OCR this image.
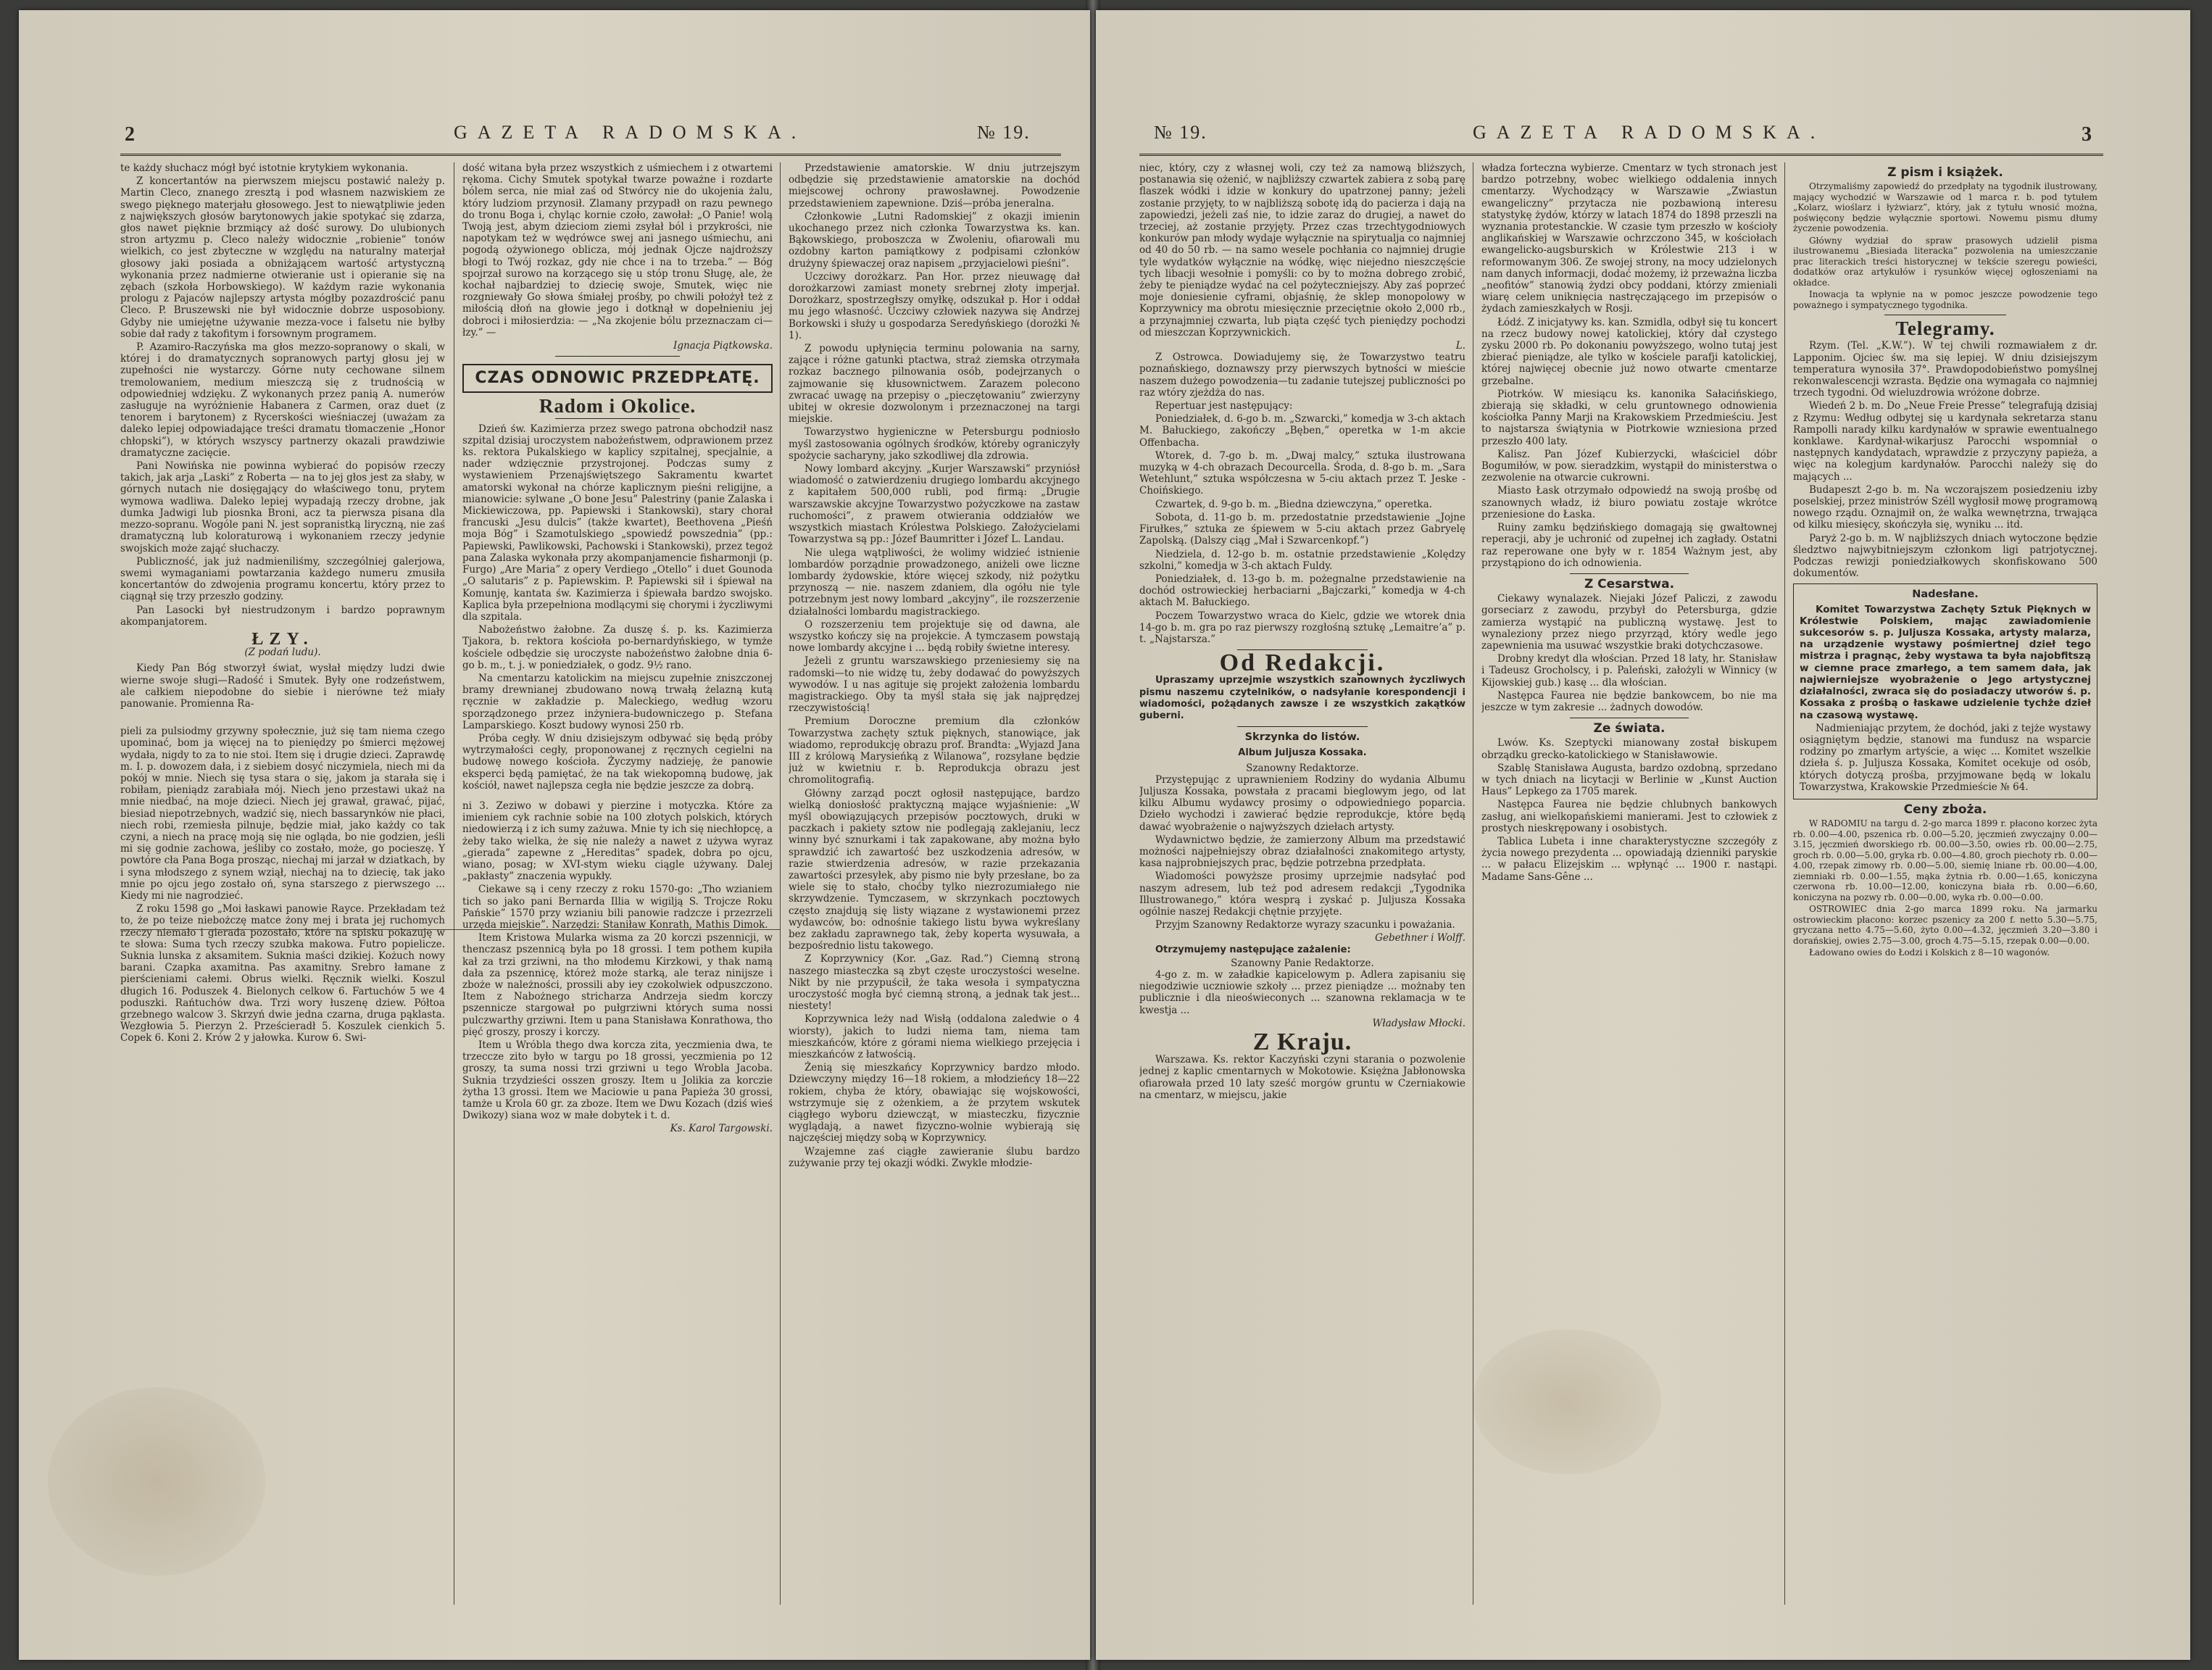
2	GAZETA RADOMSKA.	№ 19.

te każdy słuchacz mógł być istotnie krytykiem wykonania.

Z koncertantów na pierwszem miejscu postawić należy p. Martin Cleco, znanego zresztą i pod własnem nazwiskiem ze swego pięknego materjału głosowego. Jest to niewątpliwie jeden z największych głosów barytonowych jakie spotykać się zdarza, głos nawet pięknie brzmiący aż dość surowy. Do ulubionych stron artyzmu p. Cleco należy widocznie „robienie” tonów wielkich, co jest zbyteczne w względu na naturalny materjał głosowy jaki posiada a obniżającem wartość artystyczną wykonania przez nadmierne otwieranie ust i opieranie się na zębach (szkoła Horbowskiego). W każdym razie wykonania prologu z Pajaców najlepszy artysta mógłby pozazdrościć panu Cleco. P. Bruszewski nie był widocznie dobrze usposobiony. Gdyby nie umiejętne używanie mezza-voce i falsetu nie byłby sobie dał rady z takofitym i forsownym programem.

P. Azamiro-Raczyńska ma głos mezzo-sopranowy o skali, w której i do dramatycznych sopranowych partyj głosu jej w zupełności nie wystarczy. Górne nuty cechowane silnem tremolowaniem, medium mieszczą się z trudnością w odpowiedniej wdzięku. Z wykonanych przez panią A. numerów zasługuje na wyróżnienie Habanera z Carmen, oraz duet (z tenorem i barytonem) z Rycerskości wieśniaczej (uważam za daleko lepiej odpowiadające treści dramatu tłomaczenie „Honor chłopski”), w których wszyscy partnerzy okazali prawdziwie dramatyczne zacięcie.

Pani Nowińska nie powinna wybierać do popisów rzeczy takich, jak arja „Laski” z Roberta — na to jej głos jest za słaby, w górnych nutach nie dosięgający do właściwego tonu, prytem wymowa wadliwa. Daleko lepiej wypadają rzeczy drobne, jak dumka Jadwigi lub piosnka Broni, acz ta pierwsza pisana dla mezzo-sopranu. Wogóle pani N. jest sopranistką liryczną, nie zaś dramatyczną lub koloraturową i wykonaniem rzeczy jedynie swojskich może zająć słuchaczy.

Publiczność, jak już nadmieniliśmy, szczególniej galerjowa, swemi wymaganiami powtarzania każdego numeru zmusiła koncertantów do zdwojenia programu koncertu, który przez to ciągnął się trzy przeszło godziny.

Pan Lasocki był niestrudzonym i bardzo poprawnym akompanjatorem.

ŁZY.
(Z podań ludu).

Kiedy Pan Bóg stworzył świat, wysłał między ludzi dwie wierne swoje sługi—Radość i Smutek. Były one rodzeństwem, ale całkiem niepodobne do siebie i nierówne też miały panowanie. Promienna Ra-

pieli za pulsiodmy grzywny społecznie, już się tam niema czego upominać, bom ja więcej na to pieniędzy po śmierci mężowej wydała, nigdy to za to nie stoi. Item się i drugie dzieci. Zaprawdę m. I. p. dowozem dała, i z siebiem dosyć niczymiela, niech mi da pokój w mnie. Niech się tysa stara o się, jakom ja starała się i robiłam, pieniądz zarabiała mój. Niech jeno przestawi ukaż na mnie niedbać, na moje dzieci. Niech jej grawał, grawać, pijać, biesiad niepotrzebnych, wadzić się, niech bassarynków nie płaci, niech robi, rzemiesła pilnuje, będzie miał, jako każdy co tak czyni, a niech na pracę moją się nie ogląda, bo nie godzien, jeśli mi się godnie zachowa, jeśliby co zostało, może, go pocieszę. Y powtóre cła Pana Boga prosząc, niechaj mi jarzał w dziatkach, by i syna młodszego z synem wziął, niechaj na to dziecię, tak jako mnie po ojcu jego zostało oń, syna starszego z pierwszego ... Kiedy mi nie nagrodzieć.

Z roku 1598 go „Moi łaskawi panowie Rayce. Przekładam też to, że po teize niebożczę matce żony mej i brata jej ruchomych rzeczy niemało i gierada pozostało, które na spisku pokazuję w te słowa: Suma tych rzeczy szubka makowa. Futro popielicze. Suknia lunska z aksamitem. Suknia maści dzikiej. Kożuch nowy barani. Czapka axamitna. Pas axamitny. Srebro łamane z pierścieniami całemi. Obrus wielki. Ręcznik wielki. Koszul długich 16. Poduszek 4. Bielonych celkow 6. Fartuchów 5 we 4 poduszki. Rańtuchów dwa. Trzi wory łuszenę dziew. Półtoa grzebnego walcow 3. Skrzyń dwie jedna czarna, druga pąklasta. Wezgłowia 5. Pierzyn 2. Prześcieradł 5. Koszulek cienkich 5. Copek 6. Koni 2. Krów 2 y jałowka. Kurow 6. Swi-

dość witana była przez wszystkich z uśmiechem i z otwartemi rękoma. Cichy Smutek spotykał twarze poważne i rozdarte bólem serca, nie miał zaś od Stwórcy nie do ukojenia żalu, który ludziom przynosił. Zlamany przypadł on razu pewnego do tronu Boga i, chyląc kornie czoło, zawołał: „O Panie! wolą Twoją jest, abym dzieciom ziemi zsyłał ból i przykrości, nie napotykam też w wędrówce swej ani jasnego uśmiechu, ani pogodą ożywionego oblicza, mój jednak Ojcze najdroższy błogi to Twój rozkaz, gdy nie chce i na to trzeba.” — Bóg spojrzał surowo na korzącego się u stóp tronu Sługę, ale, że kochał najbardziej to dziecię swoje, Smutek, więc nie rozgniewały Go słowa śmiałej prośby, po chwili położył też z miłością dłoń na głowie jego i dotknął w dopełnieniu jej dobroci i miłosierdzia: — „Na zkojenie bólu przeznaczam ci—łzy.” —

Ignacja Piątkowska.
CZAS ODNOWIC PRZEDPŁATĘ.
Radom i Okolice.

Dzień św. Kazimierza przez swego patrona obchodził nasz szpital dzisiaj uroczystem nabożeństwem, odprawionem przez ks. rektora Pukalskiego w kaplicy szpitalnej, specjalnie, a nader wdzięcznie przystrojonej. Podczas sumy z wystawieniem Przenajświętszego Sakramentu kwartet amatorski wykonał na chórze kaplicznym pieśni religijne, a mianowicie: sylwane „O bone Jesu” Palestriny (panie Zalaska i Mickiewiczowa, pp. Papiewski i Stankowski), stary chorał francuski „Jesu dulcis” (także kwartet), Beethovena „Pieśń moja Bóg” i Szamotulskiego „spowiedź powszednia” (pp.: Papiewski, Pawlikowski, Pachowski i Stankowski), przez tegoż pana Zalaska wykonała przy akompanjamencie fisharmonji (p. Furgo) „Are Maria” z opery Verdiego „Otello” i duet Gounoda „O salutaris” z p. Papiewskim. P. Papiewski sił i śpiewał na Komunję, kantata św. Kazimierza i śpiewała bardzo swojsko. Kaplica była przepełniona modlącymi się chorymi i życzliwymi dla szpitala.

Nabożeństwo żałobne. Za duszę ś. p. ks. Kazimierza Tjakora, b. rektora kościoła po-bernardyńskiego, w tymże kościele odbędzie się uroczyste nabożeństwo żałobne dnia 6-go b. m., t. j. w poniedziałek, o godz. 9½ rano.

Na cmentarzu katolickim na miejscu zupełnie zniszczonej bramy drewnianej zbudowano nową trwałą żelazną kutą ręcznie w zakładzie p. Maleckiego, według wzoru sporządzonego przez inżyniera-budowniczego p. Stefana Lamparskiego. Koszt budowy wynosi 250 rb.

Próba cegły. W dniu dzisiejszym odbywać się będą próby wytrzymałości cegły, proponowanej z ręcznych cegielni na budowę nowego kościoła. Życzymy nadzieję, że panowie eksperci będą pamiętać, że na tak wiekopomną budowę, jak kościół, nawet najlepsza cegła nie będzie jeszcze za dobrą.

ni 3. Zeziwo w dobawi y pierzine i motyczka. Które za imieniem cyk rachnie sobie na 100 złotych polskich, których niedowierzą i z ich sumy zażuwa. Mnie ty ich się niechłopcę, a żeby tako wielka, że się nie należy a nawet z używa wyraz „gierada” zapewne z „Hereditas” spadek, dobra po ojcu, wiano, posag; w XVI-stym wieku ciągle używany. Dalej „pakłasty” znaczenia wypukły.

Ciekawe są i ceny rzeczy z roku 1570-go: „Tho wzianiem tich so jako pani Bernarda Illia w wigilją S. Trojcze Roku Pańskie” 1570 przy wzianiu bili panowie radzcze i przezrzeli urzęda miejskie”. Narzędzi: Staniław Konrath, Mathis Dimok.

Item Kristowa Mularka wisma za 20 korczi pszennicji, w thenczasz pszennicą była po 18 grossi. I tem pothem kupiła kał za trzi grziwni, na tho młodemu Kirzkowi, y thak namą dała za pszennicę, któreż może starką, ale teraz ninijsze i zboże w należności, prossili aby iey czokolwiek odpuszczono. Item z Nabożnego stricharza Andrzeja siedm korczy pszennicze stargował po pułgrziwni których suma nossi pulczwarthy grziwni. Item u pana Stanisława Konrathowa, tho pięć groszy, proszy i korczy.

Item u Wróbla thego dwa korcza zita, yeczmienia dwa, te trzeccze zito było w targu po 18 grossi, yeczmienia po 12 groszy, ta suma nossi trzi grziwni u tego Wrobla Jacoba. Suknia trzydzieści osszen groszy. Item u Jolikia za korczie żytha 13 grossi. Item we Maciowie u pana Papieża 30 grossi, tamże u Krola 60 gr. za zboze. Item we Dwu Kozach (dziś wieś Dwikozy) siana woz w małe dobytek i t. d.

Ks. Karol Targowski.

Przedstawienie amatorskie. W dniu jutrzejszym odbędzie się przedstawienie amatorskie na dochód miejscowej ochrony prawosławnej. Powodzenie przedstawieniem zapewnione. Dziś—próba jeneralna.

Członkowie „Lutni Radomskiej” z okazji imienin ukochanego przez nich członka Towarzystwa ks. kan. Bąkowskiego, proboszcza w Zwoleniu, ofiarowali mu ozdobny karton pamiątkowy z podpisami członków drużyny śpiewaczej oraz napisem „przyjacielowi pieśni”.

Uczciwy dorożkarz. Pan Hor. przez nieuwagę dał dorożkarzowi zamiast monety srebrnej złoty imperjał. Dorożkarz, spostrzegłszy omyłkę, odszukał p. Hor i oddał mu jego własność. Uczciwy człowiek nazywa się Andrzej Borkowski i służy u gospodarza Seredyńskiego (dorożki № 1).

Z powodu upłynięcia terminu polowania na sarny, zające i różne gatunki ptactwa, straż ziemska otrzymała rozkaz bacznego pilnowania osób, podejrzanych o zajmowanie się kłusownictwem. Zarazem polecono zwracać uwagę na przepisy o „pieczętowaniu” zwierzyny ubitej w okresie dozwolonym i przeznaczonej na targi miejskie.

Towarzystwo hygieniczne w Petersburgu podniosło myśl zastosowania ogólnych środków, któreby ograniczyły spożycie sacharyny, jako szkodliwej dla zdrowia.

Nowy lombard akcyjny. „Kurjer Warszawski” przyniósł wiadomość o zatwierdzeniu drugiego lombardu akcyjnego z kapitałem 500,000 rubli, pod firmą: „Drugie warszawskie akcyjne Towarzystwo pożyczkowe na zastaw ruchomości”, z prawem otwierania oddziałów we wszystkich miastach Królestwa Polskiego. Założycielami Towarzystwa są pp.: Józef Baumritter i Józef L. Landau.

Nie ulega wątpliwości, że wolimy widzieć istnienie lombardów porządnie prowadzonego, aniżeli owe liczne lombardy żydowskie, które więcej szkody, niż pożytku przynoszą — nie. naszem zdaniem, dla ogółu nie tyle potrzebnym jest nowy lombard „akcyjny”, ile rozszerzenie działalności lombardu magistrackiego.

O rozszerzeniu tem projektuje się od dawna, ale wszystko kończy się na projekcie. A tymczasem powstają nowe lombardy akcyjne i ... będą robiły świetne interesy.

Jeżeli z gruntu warszawskiego przeniesiemy się na radomski—to nie widzę tu, żeby dodawać do powyższych wywodów. I u nas agituje się projekt założenia lombardu magistrackiego. Oby ta myśl stała się jak najprędzej rzeczywistością!

Premium Doroczne premium dla członków Towarzystwa zachęty sztuk pięknych, stanowiące, jak wiadomo, reprodukcję obrazu prof. Brandta: „Wyjazd Jana III z królową Marysieńką z Wilanowa”, rozsyłane będzie już w kwietniu r. b. Reprodukcja obrazu jest chromolitografią.

Główny zarząd poczt ogłosił następujące, bardzo wielką doniosłość praktyczną mające wyjaśnienie: „W myśl obowiązujących przepisów pocztowych, druki w paczkach i pakiety sztow nie podlegają zaklejaniu, lecz winny być sznurkami i tak zapakowane, aby można było sprawdzić ich zawartość bez uszkodzenia adresów, w razie stwierdzenia adresów, w razie przekazania zawartości przesyłek, aby pismo nie były przesłane, bo za wiele się to stało, choćby tylko niezrozumiałego nie skrzywdzenie. Tymczasem, w skrzynkach pocztowych często znajdują się listy wiązane z wystawionemi przez wydawców, bo: odnośnie takiego listu bywa wykreślany bez zakładu zaprawnego tak, żeby koperta wysuwała, a bezpośrednio listu takowego.

Z Koprzywnicy (Kor. „Gaz. Rad.”) Ciemną stroną naszego miasteczka są zbyt częste uroczystości weselne. Nikt by nie przypuścił, że taka wesoła i sympatyczna uroczystość mogła być ciemną stroną, a jednak tak jest... niestety!

Koprzywnica leży nad Wisłą (oddalona zaledwie o 4 wiorsty), jakich to ludzi niema tam, niema tam mieszkańców, które z górami niema wielkiego przejęcia i mieszkańców z łatwością.

Żenią się mieszkańcy Koprzywnicy bardzo młodo. Dziewczyny między 16—18 rokiem, a młodzieńcy 18—22 rokiem, chyba że który, obawiając się wojskowości, wstrzymuje się z ożenkiem, a że przytem wskutek ciągłego wyboru dziewcząt, w miasteczku, fizycznie wyglądają, a nawet fizyczno-wolnie wybierają się najczęściej między sobą w Koprzywnicy.

Wzajemne zaś ciągłe zawieranie ślubu bardzo zużywanie przy tej okazji wódki. Zwykle młodzie-

№ 19.	GAZETA RADOMSKA.	3

niec, który, czy z własnej woli, czy też za namową bliższych, postanawia się ożenić, w najbliższy czwartek zabiera z sobą parę flaszek wódki i idzie w konkury do upatrzonej panny; jeżeli zostanie przyjęty, to w najbliższą sobotę idą do pacierza i dają na zapowiedzi, jeżeli zaś nie, to idzie zaraz do drugiej, a nawet do trzeciej, aż zostanie przyjęty. Przez czas trzechtygodniowych konkurów pan młody wydaje wyłącznie na spirytualja co najmniej od 40 do 50 rb. — na samo wesele pochłania co najmniej drugie tyle wydatków wyłącznie na wódkę, więc niejedno nieszczęście tych libacji wesołnie i pomyśli: co by to można dobrego zrobić, żeby te pieniądze wydać na cel pożyteczniejszy. Aby zaś poprzeć moje doniesienie cyframi, objaśnię, że sklep monopolowy w Koprzywnicy ma obrotu miesięcznie przeciętnie około 2,000 rb., a przynajmniej czwarta, lub piąta część tych pieniędzy pochodzi od mieszczan Koprzywnickich.

L.

Z Ostrowca. Dowiadujemy się, że Towarzystwo teatru poznańskiego, doznawszy przy pierwszych bytności w mieście naszem dużego powodzenia—tu zadanie tutejszej publiczności po raz wtóry zjeżdża do nas.

Repertuar jest następujący:

Poniedziałek, d. 6-go b. m. „Szwarcki,” komedja w 3-ch aktach M. Bałuckiego, zakończy „Bęben,” operetka w 1-m akcie Offenbacha.

Wtorek, d. 7-go b. m. „Dwaj malcy,” sztuka ilustrowana muzyką w 4-ch obrazach Decourcella. Środa, d. 8-go b. m. „Sara Wetehlunt,” sztuka współczesna w 5-ciu aktach przez T. Jeske - Choińskiego.

Czwartek, d. 9-go b. m. „Biedna dziewczyna,” operetka.

Sobota, d. 11-go b. m. przedostatnie przedstawienie „Jojne Firułkes,” sztuka ze śpiewem w 5-ciu aktach przez Gabryelę Zapolską. (Dalszy ciąg „Mał i Szwarcenkopf.”)

Niedziela, d. 12-go b. m. ostatnie przedstawienie „Kolędzy szkolni,” komedja w 3-ch aktach Fuldy.

Poniedziałek, d. 13-go b. m. pożegnalne przedstawienie na dochód ostrowieckiej herbaciarni „Bajczarki,” komedja w 4-ch aktach M. Bałuckiego.

Poczem Towarzystwo wraca do Kielc, gdzie we wtorek dnia 14-go b. m. gra po raz pierwszy rozgłośną sztukę „Lemaitre’a” p. t. „Najstarsza.”

Od Redakcji.

Upraszamy uprzejmie wszystkich szanownych życzliwych pismu naszemu czytelników, o nadsyłanie korespondencji i wiadomości, pożądanych zawsze i ze wszystkich zakątków guberni.

Skrzynka do listów.
Album Juljusza Kossaka.
Szanowny Redaktorze.

Przystępując z uprawnieniem Rodziny do wydania Albumu Juljusza Kossaka, powstała z pracami bieglowym jego, od lat kilku Albumu wydawcy prosimy o odpowiedniego poparcia. Dzieło wychodzi i zawierać będzie reprodukcje, które będą dawać wyobrażenie o najwyższych dziełach artysty.

Wydawnictwo będzie, że zamierzony Album ma przedstawić możności najpełniejszy obraz działalności znakomitego artysty, kasa najprobniejszych prac, będzie potrzebna przedpłata.

Wiadomości powyższe prosimy uprzejmie nadsyłać pod naszym adresem, lub też pod adresem redakcji „Tygodnika Illustrowanego,” która wesprą i zyskać p. Juljusza Kossaka ogólnie naszej Redakcji chętnie przyjęte.

Przyjm Szanowny Redaktorze wyrazy szacunku i poważania.

Gebethner i Wolff.

Otrzymujemy następujące zażalenie:

Szanowny Panie Redaktorze.

4-go z. m. w załadkie kapicelowym p. Adlera zapisaniu się niegodziwie uczniowie szkoły ... przez pieniądze ... możnaby ten publicznie i dla nieoświeconych ... szanowna reklamacja w te kwestja ...

Władysław Młocki.
Z Kraju.

Warszawa. Ks. rektor Kaczyński czyni starania o pozwolenie jednej z kaplic cmentarnych w Mokotowie. Księżna Jabłonowska ofiarowała przed 10 laty sześć morgów gruntu w Czerniakowie na cmentarz, w miejscu, jakie

władza forteczna wybierze. Cmentarz w tych stronach jest bardzo potrzebny, wobec wielkiego oddalenia innych cmentarzy. Wychodzący w Warszawie „Zwiastun ewangeliczny” przytacza nie pozbawioną interesu statystykę żydów, którzy w latach 1874 do 1898 przeszli na wyznania protestanckie. W czasie tym przeszło w kościoły anglikańskiej w Warszawie ochrzczono 345, w kościołach ewangelicko-augsburskich w Królestwie 213 i w reformowanym 306. Ze swojej strony, na mocy udzielonych nam danych informacji, dodać możemy, iż przeważna liczba „neofitów” stanowią żydzi obcy poddani, którzy zmieniali wiarę celem uniknięcia nastręczającego im przepisów o żydach zamieszkałych w Rosji.

Łódź. Z inicjatywy ks. kan. Szmidla, odbył się tu koncert na rzecz budowy nowej katolickiej, który dał czystego zysku 2000 rb. Po dokonaniu powyższego, wolno tutaj jest zbierać pieniądze, ale tylko w kościele parafji katolickiej, której najwięcej obecnie już nowo otwarte cmentarze grzebalne.

Piotrków. W miesiącu ks. kanonika Sałacińskiego, zbierają się składki, w celu gruntownego odnowienia kościołka Panny Marji na Krakowskiem Przedmieściu. Jest to najstarsza świątynia w Piotrkowie wzniesiona przed przeszło 400 laty.

Kalisz. Pan Józef Kubierzycki, właściciel dóbr Bogumiłów, w pow. sieradzkim, wystąpił do ministerstwa o zezwolenie na otwarcie cukrowni.

Miasto Łask otrzymało odpowiedź na swoją prośbę od szanownych władz, iż biuro powiatu zostaje wkrótce przeniesione do Łaska.

Ruiny zamku będzińskiego domagają się gwałtownej reperacji, aby je uchronić od zupełnej ich zagłady. Ostatni raz reperowane one były w r. 1854 Ważnym jest, aby przystąpiono do ich odnowienia.

Z Cesarstwa.

Ciekawy wynalazek. Niejaki Józef Paliczi, z zawodu gorseciarz z zawodu, przybył do Petersburga, gdzie zamierza wystąpić na publiczną wystawę. Jest to wynaleziony przez niego przyrząd, który wedle jego zapewnienia ma usuwać wszystkie braki dotychczasowe.

Drobny kredyt dla włościan. Przed 18 laty, hr. Stanisław i Tadeusz Grocholscy, i p. Paleński, założyli w Winnicy (w Kijowskiej gub.) kasę ... dla włościan.

Następca Faurea nie będzie bankowcem, bo nie ma jeszcze w tym zakresie ... żadnych dowodów.

Ze świata.

Lwów. Ks. Szeptycki mianowany został biskupem obrządku grecko-katolickiego w Stanisławowie.

Szablę Stanisława Augusta, bardzo ozdobną, sprzedano w tych dniach na licytacji w Berlinie w „Kunst Auction Haus” Lepkego za 1705 marek.

Następca Faurea nie będzie chlubnych bankowych zasług, ani wielkopańskiemi manierami. Jest to człowiek z prostych nieskrępowany i osobistych.

Tablica Lubeta i inne charakterystyczne szczegóły z życia nowego prezydenta ... opowiadają dzienniki paryskie ... w pałacu Elizejskim ... wpłynąć ... 1900 r. nastąpi. Madame Sans-Gêne ...

Z pism i książek.

Otrzymaliśmy zapowiedź do przedpłaty na tygodnik ilustrowany, mający wychodzić w Warszawie od 1 marca r. b. pod tytułem „Kolarz, wioślarz i łyżwiarz”, który, jak z tytułu wnosić można, poświęcony będzie wyłącznie sportowi. Nowemu pismu dłumy życzenie powodzenia.

Główny wydział do spraw prasowych udzielił pisma ilustrowanemu „Biesiada literacka” pozwolenia na umieszczanie prac literackich treści historycznej w tekście szeregu powieści, dodatków oraz artykułów i rysunków więcej ogłoszeniami na okładce.

Inowacja ta wpłynie na w pomoc jeszcze powodzenie tego poważnego i sympatycznego tygodnika.

Telegramy.

Rzym. (Tel. „K.W.”). W tej chwili rozmawiałem z dr. Lapponim. Ojciec św. ma się lepiej. W dniu dzisiejszym temperatura wynosiła 37°. Prawdopodobieństwo pomyślnej rekonwalescencji wzrasta. Będzie ona wymagała co najmniej trzech tygodni. Od wieluzdrowia wróżone dobrze.

Wiedeń 2 b. m. Do „Neue Freie Presse” telegrafują dzisiaj z Rzymu: Według odbytej się u kardynała sekretarza stanu Rampolli narady kilku kardynałów w sprawie ewentualnego konklawe. Kardynał-wikarjusz Parocchi wspomniał o następnych kandydatach, wprawdzie z przyczyny papieża, a więc na kolegjum kardynałów. Parocchi należy się do mających ...

Budapeszt 2-go b. m. Na wczorajszem posiedzeniu izby poselskiej, przez ministrów Széll wygłosił mowę programową nowego rządu. Oznajmił on, że walka wewnętrzna, trwająca od kilku miesięcy, skończyła się, wyniku ... itd.

Paryż 2-go b. m. W najbliższych dniach wytoczone będzie śledztwo najwybitniejszym członkom ligi patrjotycznej. Podczas rewizji poniedziałkowych skonfiskowano 500 dokumentów.

Nadesłane.

Komitet Towarzystwa Zachęty Sztuk Pięknych w Królestwie Polskiem, mając zawiadomienie sukcesorów s. p. Juljusza Kossaka, artysty malarza, na urządzenie wystawy pośmiertnej dzieł tego mistrza i pragnąc, żeby wystawa ta była najobfitszą w ciemne prace zmarłego, a tem samem dała, jak najwierniejsze wyobrażenie o Jego artystycznej działalności, zwraca się do posiadaczy utworów ś. p. Kossaka z prośbą o łaskawe udzielenie tychże dzieł na czasową wystawę.

Nadmieniając przytem, że dochód, jaki z tejże wystawy osiągniętym będzie, stanowi ma fundusz na wsparcie rodziny po zmarłym artyście, a więc ... Komitet wszelkie dzieła ś. p. Juljusza Kossaka, Komitet ocekuje od osób, których dotyczą prośba, przyjmowane będą w lokalu Towarzystwa, Krakowskie Przedmieście № 64.

Ceny zboża.

W RADOMIU na targu d. 2-go marca 1899 r. płacono korzec żyta rb. 0.00—4.00, pszenica rb. 0.00—5.20, jęczmień zwyczajny 0.00—3.15, jęczmień dworskiego rb. 00.00—3.50, owies rb. 00.00—2.75, groch rb. 0.00—5.00, gryka rb. 0.00—4.80, groch piechoty rb. 0.00—4.00, rzepak zimowy rb. 0.00—5.00, siemię lniane rb. 00.00—4.00, ziemniaki rb. 0.00—1.55, mąka żytnia rb. 0.00—1.65, koniczyna czerwona rb. 10.00—12.00, koniczyna biała rb. 0.00—6.60, koniczyna na pozwy rb. 0.00—0.00, wyka rb. 0.00—0.00.

OSTROWIEC dnia 2-go marca 1899 roku. Na jarmarku ostrowieckim płacono: korzec pszenicy za 200 f. netto 5.30—5.75, gryczana netto 4.75—5.60, żyto 0.00—4.32, jęczmień 3.20—3.80 i dorańskiej, owies 2.75—3.00, groch 4.75—5.15, rzepak 0.00—0.00.

Ładowano owies do Łodzi i Kolskich z 8—10 wagonów.
